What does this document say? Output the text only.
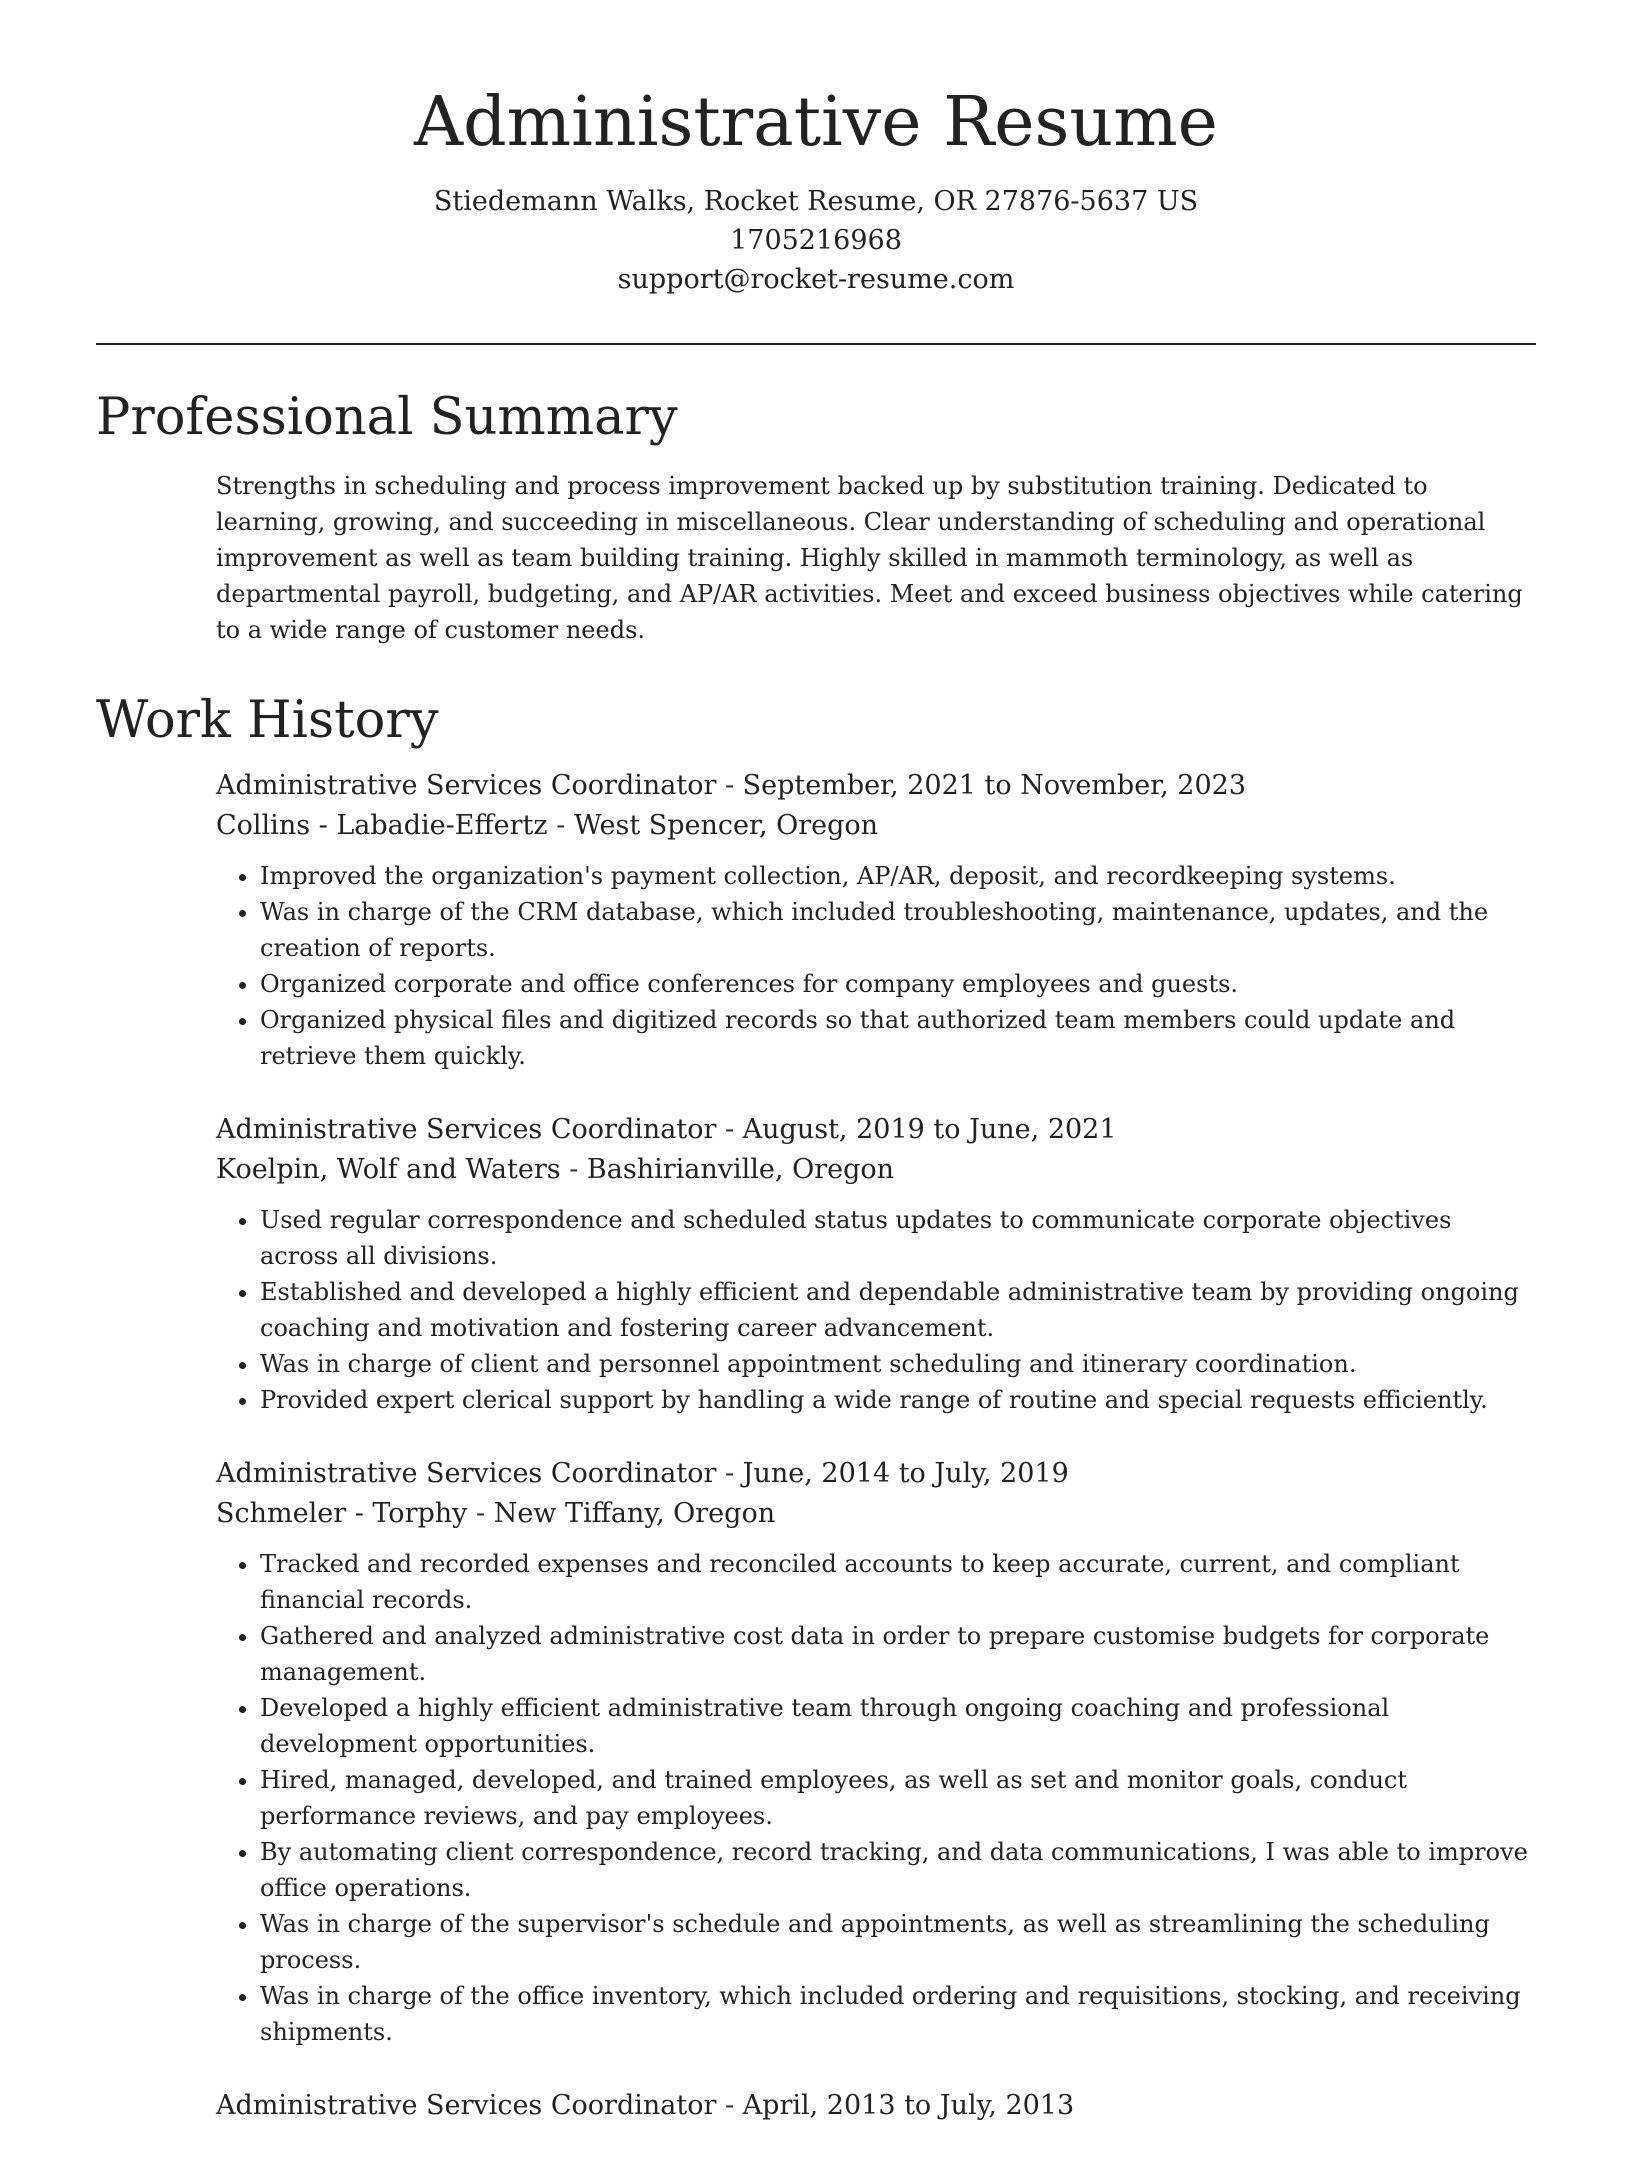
Administrative Resume
Stiedemann Walks, Rocket Resume, OR 27876-5637 US
1705216968
support@rocket-resume.com
Professional Summary
Strengths in scheduling and process improvement backed up by substitution training. Dedicated to learning, growing, and succeeding in miscellaneous. Clear understanding of scheduling and operational improvement as well as team building training. Highly skilled in mammoth terminology, as well as departmental payroll, budgeting, and AP/AR activities. Meet and exceed business objectives while catering to a wide range of customer needs.
Work History
Administrative Services Coordinator - September, 2021 to November, 2023
Collins - Labadie-Effertz - West Spencer, Oregon
• Improved the organization's payment collection, AP/AR, deposit, and recordkeeping systems.
• Was in charge of the CRM database, which included troubleshooting, maintenance, updates, and the creation of reports.
• Organized corporate and office conferences for company employees and guests.
• Organized physical files and digitized records so that authorized team members could update and retrieve them quickly.
Administrative Services Coordinator - August, 2019 to June, 2021
Koelpin, Wolf and Waters - Bashirianville, Oregon
• Used regular correspondence and scheduled status updates to communicate corporate objectives across all divisions.
• Established and developed a highly efficient and dependable administrative team by providing ongoing coaching and motivation and fostering career advancement.
• Was in charge of client and personnel appointment scheduling and itinerary coordination.
• Provided expert clerical support by handling a wide range of routine and special requests efficiently.
Administrative Services Coordinator - June, 2014 to July, 2019
Schmeler - Torphy - New Tiffany, Oregon
• Tracked and recorded expenses and reconciled accounts to keep accurate, current, and compliant financial records.
• Gathered and analyzed administrative cost data in order to prepare customise budgets for corporate management.
• Developed a highly efficient administrative team through ongoing coaching and professional development opportunities.
• Hired, managed, developed, and trained employees, as well as set and monitor goals, conduct performance reviews, and pay employees.
• By automating client correspondence, record tracking, and data communications, I was able to improve office operations.
• Was in charge of the supervisor's schedule and appointments, as well as streamlining the scheduling process.
• Was in charge of the office inventory, which included ordering and requisitions, stocking, and receiving shipments.
Administrative Services Coordinator - April, 2013 to July, 2013
